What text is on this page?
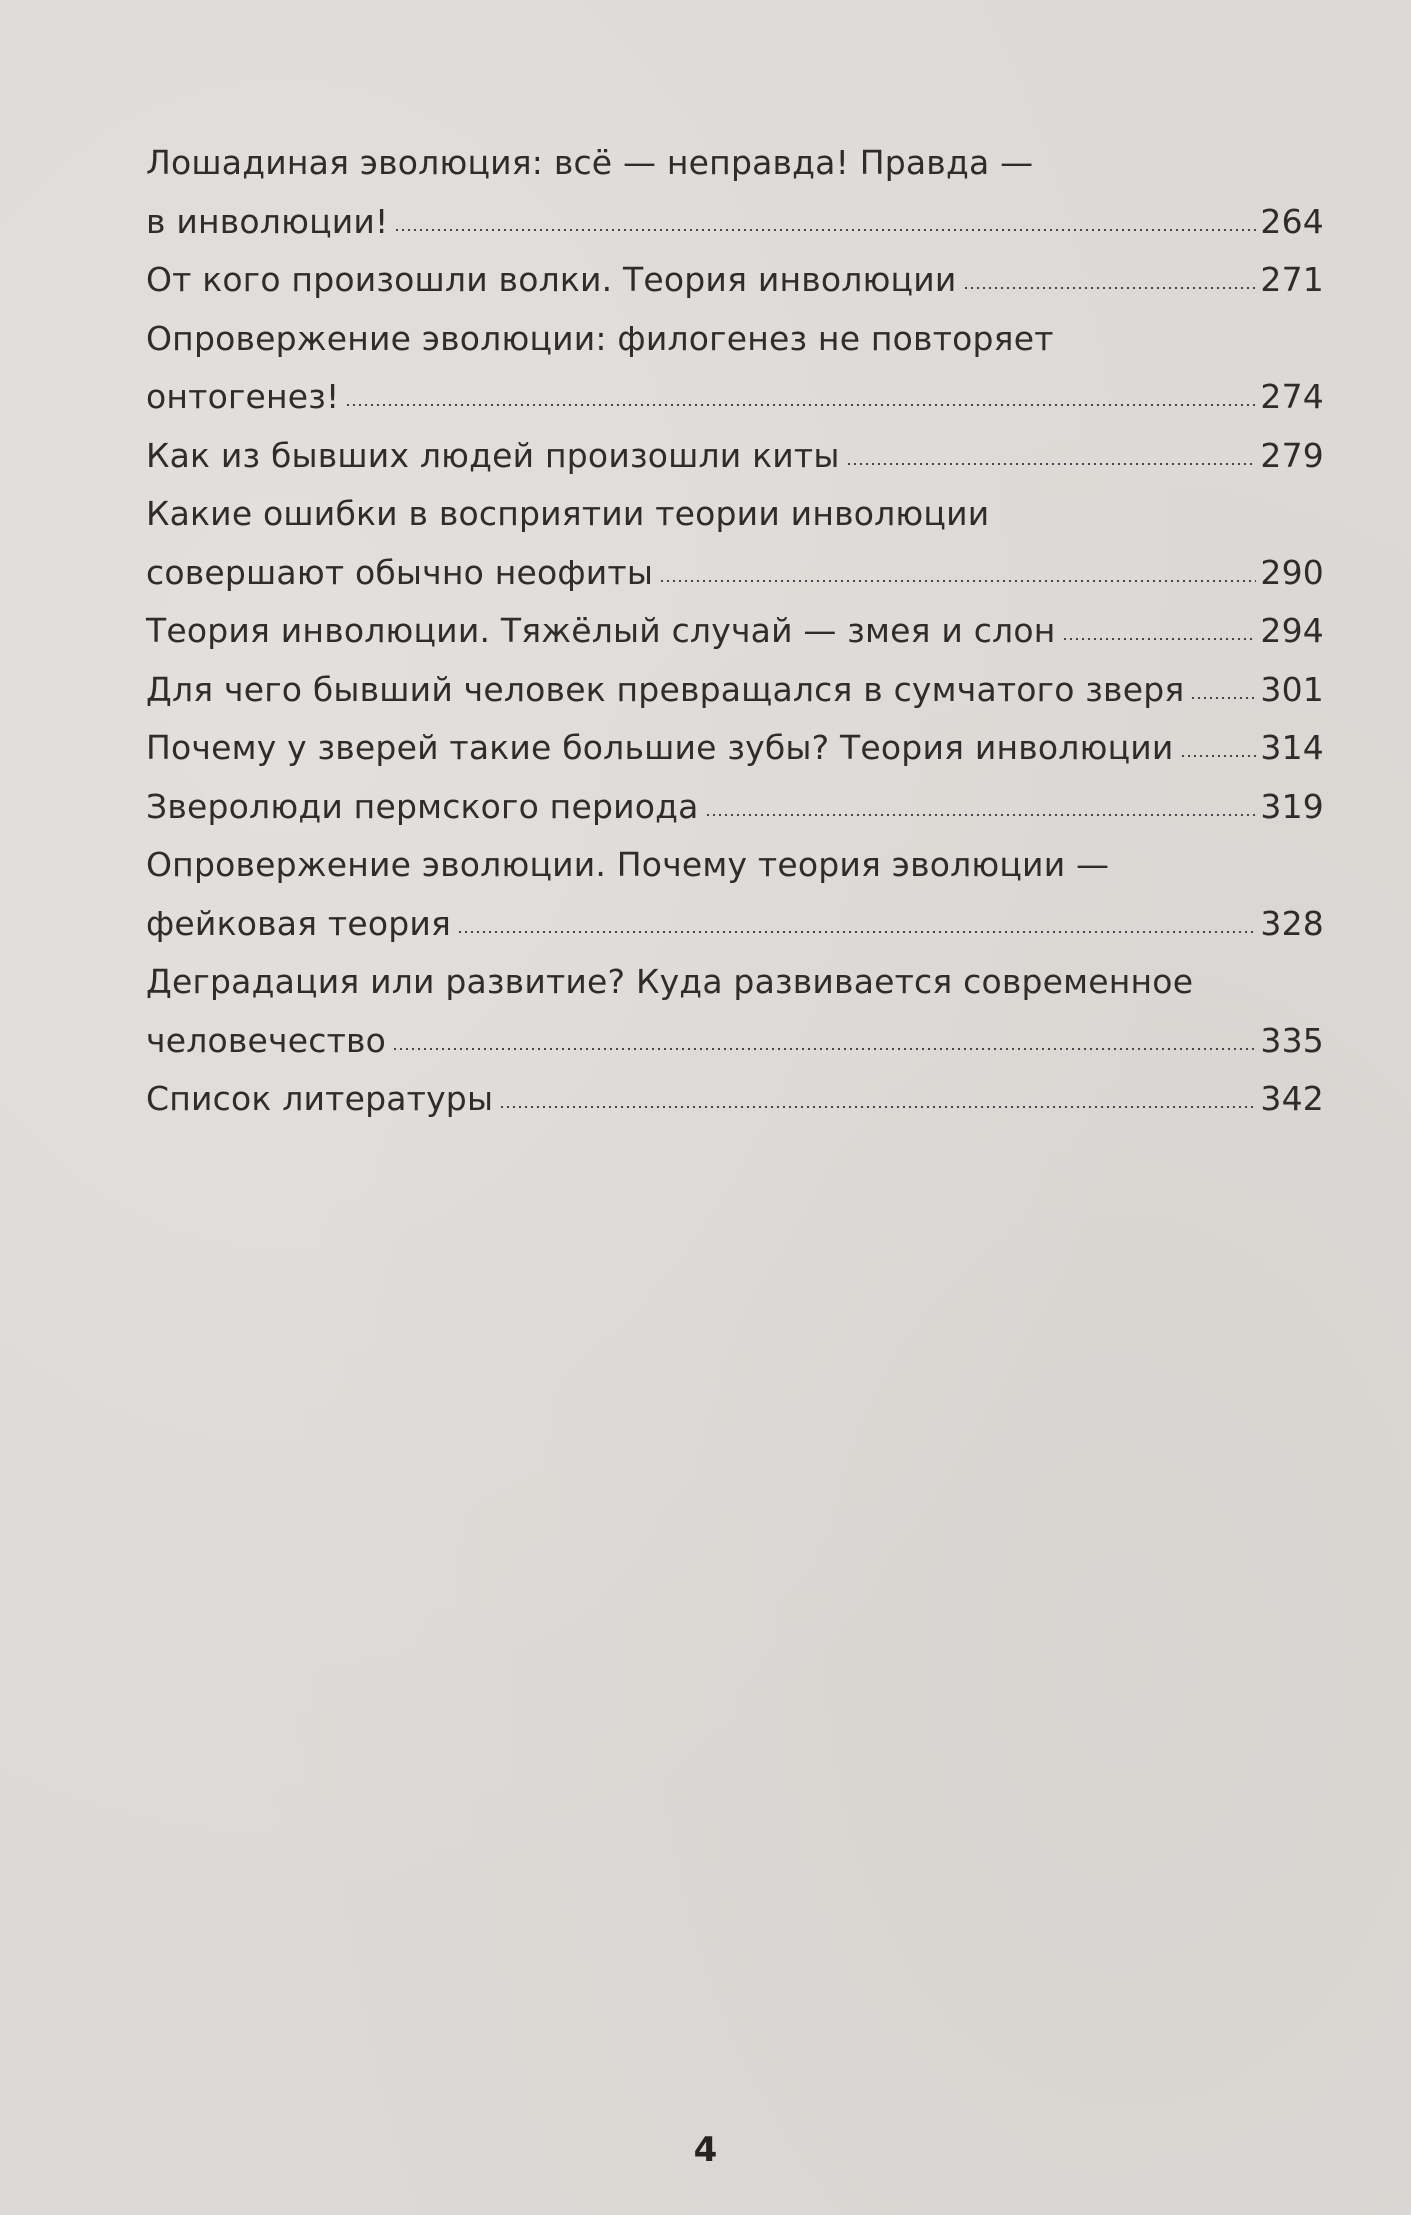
Лошадиная эволюция: всё — неправда! Правда —
в инволюции!	264
От кого произошли волки. Теория инволюции	271
Опровержение эволюции: филогенез не повторяет
онтогенез!	274
Как из бывших людей произошли киты	279
Какие ошибки в восприятии теории инволюции
совершают обычно неофиты	290
Теория инволюции. Тяжёлый случай — змея и слон	294
Для чего бывший человек превращался в сумчатого зверя 301
Почему у зверей такие большие зубы? Теория инволюции	314
Зверолюди пермского периода	319
Опровержение эволюции. Почему теория эволюции —
фейковая теория	328
Деградация или развитие? Куда развивается современное
человечество	335
Список литературы	342
4
